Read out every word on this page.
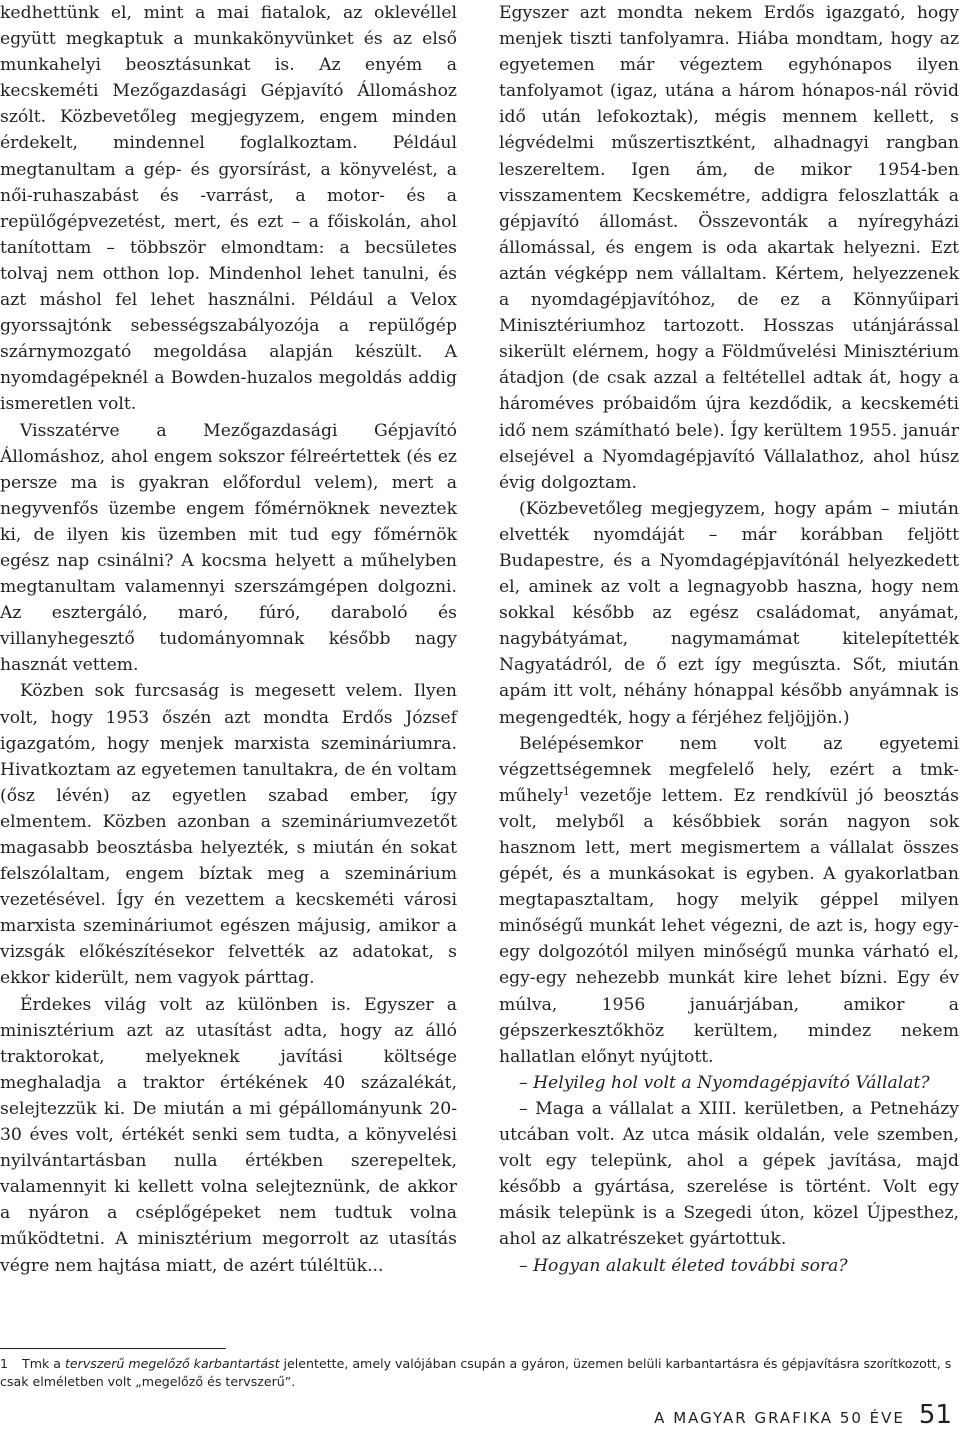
kedhettünk el, mint a mai fiatalok, az oklevéllel együtt megkaptuk a munkakönyvünket és az első munkahelyi beosztásunkat is. Az enyém a kecskeméti Mezőgazdasági Gépjavító Állomáshoz szólt. Közbevetőleg megjegyzem, engem minden érdekelt, mindennel foglalkoztam. Például megtanultam a gép- és gyorsírást, a könyvelést, a női-ruhaszabást és -varrást, a motor- és a repülőgépvezetést, mert, és ezt – a főiskolán, ahol tanítottam – többször elmondtam: a becsületes tolvaj nem otthon lop. Mindenhol lehet tanulni, és azt máshol fel lehet használni. Például a Velox gyorssajtónk sebességszabályozója a repülőgép szárnymozgató megoldása alapján készült. A nyomdagépeknél a Bowden-huzalos megoldás addig ismeretlen volt.

Visszatérve a Mezőgazdasági Gépjavító Állomáshoz, ahol engem sokszor félreértettek (és ez persze ma is gyakran előfordul velem), mert a negyvenfős üzembe engem főmérnöknek neveztek ki, de ilyen kis üzemben mit tud egy főmérnök egész nap csinálni? A kocsma helyett a műhelyben megtanultam valamennyi szerszámgépen dolgozni. Az esztergáló, maró, fúró, daraboló és villanyhegesztő tudományomnak később nagy hasznát vettem.

Közben sok furcsaság is megesett velem. Ilyen volt, hogy 1953 őszén azt mondta Erdős József igazgatóm, hogy menjek marxista szemináriumra. Hivatkoztam az egyetemen tanultakra, de én voltam (ősz lévén) az egyetlen szabad ember, így elmentem. Közben azonban a szemináriumvezetőt magasabb beosztásba helyezték, s miután én sokat felszólaltam, engem bíztak meg a szeminárium vezetésével. Így én vezettem a kecskeméti városi marxista szemináriumot egészen májusig, amikor a vizsgák előkészítésekor felvették az adatokat, s ekkor kiderült, nem vagyok párttag.

Érdekes világ volt az különben is. Egyszer a minisztérium azt az utasítást adta, hogy az álló traktorokat, melyeknek javítási költsége meghaladja a traktor értékének 40 százalékát, selejtezzük ki. De miután a mi gépállományunk 20-30 éves volt, értékét senki sem tudta, a könyvelési nyilvántartásban nulla értékben szerepeltek, valamennyit ki kellett volna selejteznünk, de akkor a nyáron a cséplőgépeket nem tudtuk volna működtetni. A minisztérium megorrolt az utasítás végre nem hajtása miatt, de azért túléltük...

Egyszer azt mondta nekem Erdős igazgató, hogy menjek tiszti tanfolyamra. Hiába mondtam, hogy az egyetemen már végeztem egyhónapos ilyen tanfolyamot (igaz, utána a három hónapos-nál rövid idő után lefokoztak), mégis mennem kellett, s légvédelmi műszertisztként, alhadnagyi rangban leszereltem. Igen ám, de mikor 1954-ben visszamentem Kecskemétre, addigra feloszlatták a gépjavító állomást. Összevonták a nyíregyházi állomással, és engem is oda akartak helyezni. Ezt aztán végképp nem vállaltam. Kértem, helyezzenek a nyomdagépjavítóhoz, de ez a Könnyűipari Minisztériumhoz tartozott. Hosszas utánjárással sikerült elérnem, hogy a Földművelési Minisztérium átadjon (de csak azzal a feltétellel adtak át, hogy a hároméves próbaidőm újra kezdődik, a kecskeméti idő nem számítható bele). Így kerültem 1955. január elsejével a Nyomdagépjavító Vállalathoz, ahol húsz évig dolgoztam.

(Közbevetőleg megjegyzem, hogy apám – miután elvették nyomdáját – már korábban feljött Budapestre, és a Nyomdagépjavítónál helyezkedett el, aminek az volt a legnagyobb haszna, hogy nem sokkal később az egész családomat, anyámat, nagybátyámat, nagymamámat kitelepítették Nagyatádról, de ő ezt így megúszta. Sőt, miután apám itt volt, néhány hónappal később anyámnak is megengedték, hogy a férjéhez feljöjjön.)

Belépésemkor nem volt az egyetemi végzettségemnek megfelelő hely, ezért a tmk-műhely$^1$ vezetője lettem. Ez rendkívül jó beosztás volt, melyből a későbbiek során nagyon sok hasznom lett, mert megismertem a vállalat összes gépét, és a munkásokat is egyben. A gyakorlatban megtapasztaltam, hogy melyik géppel milyen minőségű munkát lehet végezni, de azt is, hogy egy-egy dolgozótól milyen minőségű munka várható el, egy-egy nehezebb munkát kire lehet bízni. Egy év múlva, 1956 januárjában, amikor a gépszerkesztőkhöz kerültem, mindez nekem hallatlan előnyt nyújtott.

– Helyileg hol volt a Nyomdagépjavító Vállalat?

– Maga a vállalat a XIII. kerületben, a Petneházy utcában volt. Az utca másik oldalán, vele szemben, volt egy telepünk, ahol a gépek javítása, majd később a gyártása, szerelése is történt. Volt egy másik telepünk is a Szegedi úton, közel Újpesthez, ahol az alkatrészeket gyártottuk.

– Hogyan alakult életed további sora?

1 Tmk a tervszerű megelőző karbantartást jelentette, amely valójában csupán a gyáron, üzemen belüli karbantartásra és gépjavításra szorítkozott, s csak elméletben volt „megelőző és tervszerű”.
A MAGYAR GRAFIKA 50 ÉVE 51
